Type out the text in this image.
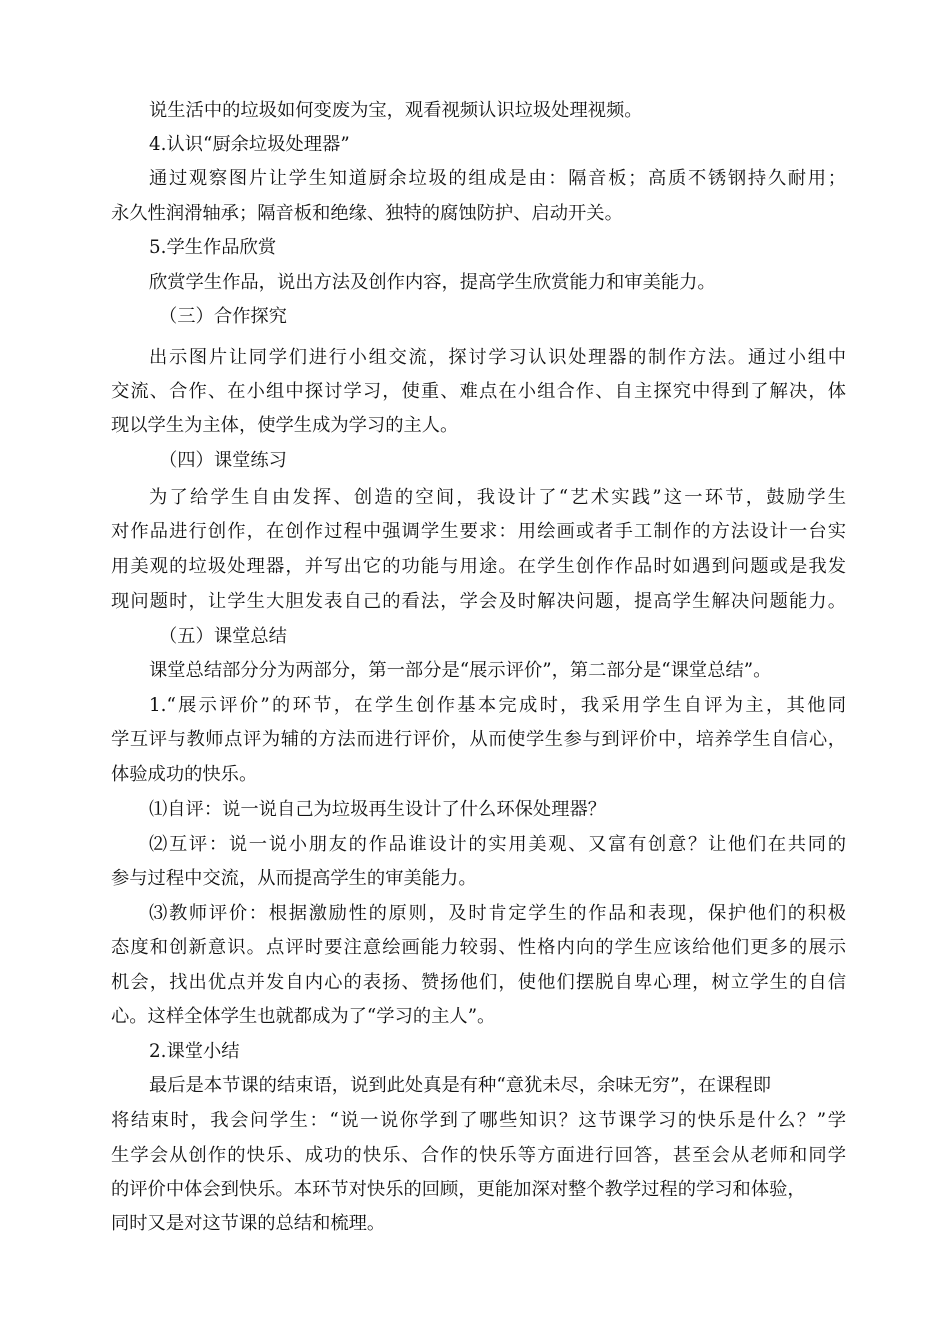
说生活中的垃圾如何变废为宝，观看视频认识垃圾处理视频。
4.认识“厨余垃圾处理器”
通过观察图片让学生知道厨余垃圾的组成是由：隔音板；高质不锈钢持久耐用；
永久性润滑轴承；隔音板和绝缘、独特的腐蚀防护、启动开关。
5.学生作品欣赏
欣赏学生作品，说出方法及创作内容，提高学生欣赏能力和审美能力。
（三）合作探究
出示图片让同学们进行小组交流，探讨学习认识处理器的制作方法。通过小组中
交流、合作、在小组中探讨学习，使重、难点在小组合作、自主探究中得到了解决，体
现以学生为主体，使学生成为学习的主人。
（四）课堂练习
为了给学生自由发挥、创造的空间，我设计了“艺术实践”这一环节，鼓励学生
对作品进行创作，在创作过程中强调学生要求：用绘画或者手工制作的方法设计一台实
用美观的垃圾处理器，并写出它的功能与用途。在学生创作作品时如遇到问题或是我发
现问题时，让学生大胆发表自己的看法，学会及时解决问题，提高学生解决问题能力。
（五）课堂总结
课堂总结部分分为两部分，第一部分是“展示评价”，第二部分是“课堂总结”。
1.“展示评价”的环节，在学生创作基本完成时，我采用学生自评为主，其他同
学互评与教师点评为辅的方法而进行评价，从而使学生参与到评价中，培养学生自信心，
体验成功的快乐。
⑴自评：说一说自己为垃圾再生设计了什么环保处理器？
⑵互评：说一说小朋友的作品谁设计的实用美观、又富有创意？让他们在共同的
参与过程中交流，从而提高学生的审美能力。
⑶教师评价：根据激励性的原则，及时肯定学生的作品和表现，保护他们的积极
态度和创新意识。点评时要注意绘画能力较弱、性格内向的学生应该给他们更多的展示
机会，找出优点并发自内心的表扬、赞扬他们，使他们摆脱自卑心理，树立学生的自信
心。这样全体学生也就都成为了“学习的主人”。
2.课堂小结
最后是本节课的结束语，说到此处真是有种“意犹未尽，余味无穷”，在课程即
将结束时，我会问学生：“说一说你学到了哪些知识？这节课学习的快乐是什么？”学
生学会从创作的快乐、成功的快乐、合作的快乐等方面进行回答，甚至会从老师和同学
的评价中体会到快乐。本环节对快乐的回顾，更能加深对整个教学过程的学习和体验，
同时又是对这节课的总结和梳理。
